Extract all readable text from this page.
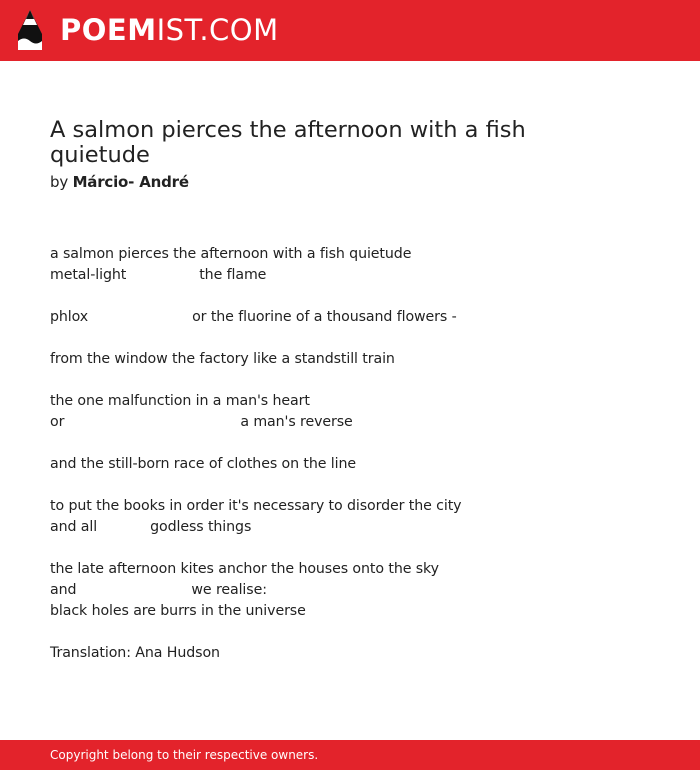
POEMIST.COM
A salmon pierces the afternoon with a fish quietude
by Márcio- André
a salmon pierces the afternoon with a fish quietude
metal-light	the flame
phlox	or the fluorine of a thousand flowers -
from the window the factory like a standstill train
the one malfunction in a man's heart
or	a man's reverse
and the still-born race of clothes on the line
to put the books in order it's necessary to disorder the city
and all	godless things
the late afternoon kites anchor the houses onto the sky
and	we realise:
black holes are burrs in the universe
Translation: Ana Hudson
Copyright belong to their respective owners.
